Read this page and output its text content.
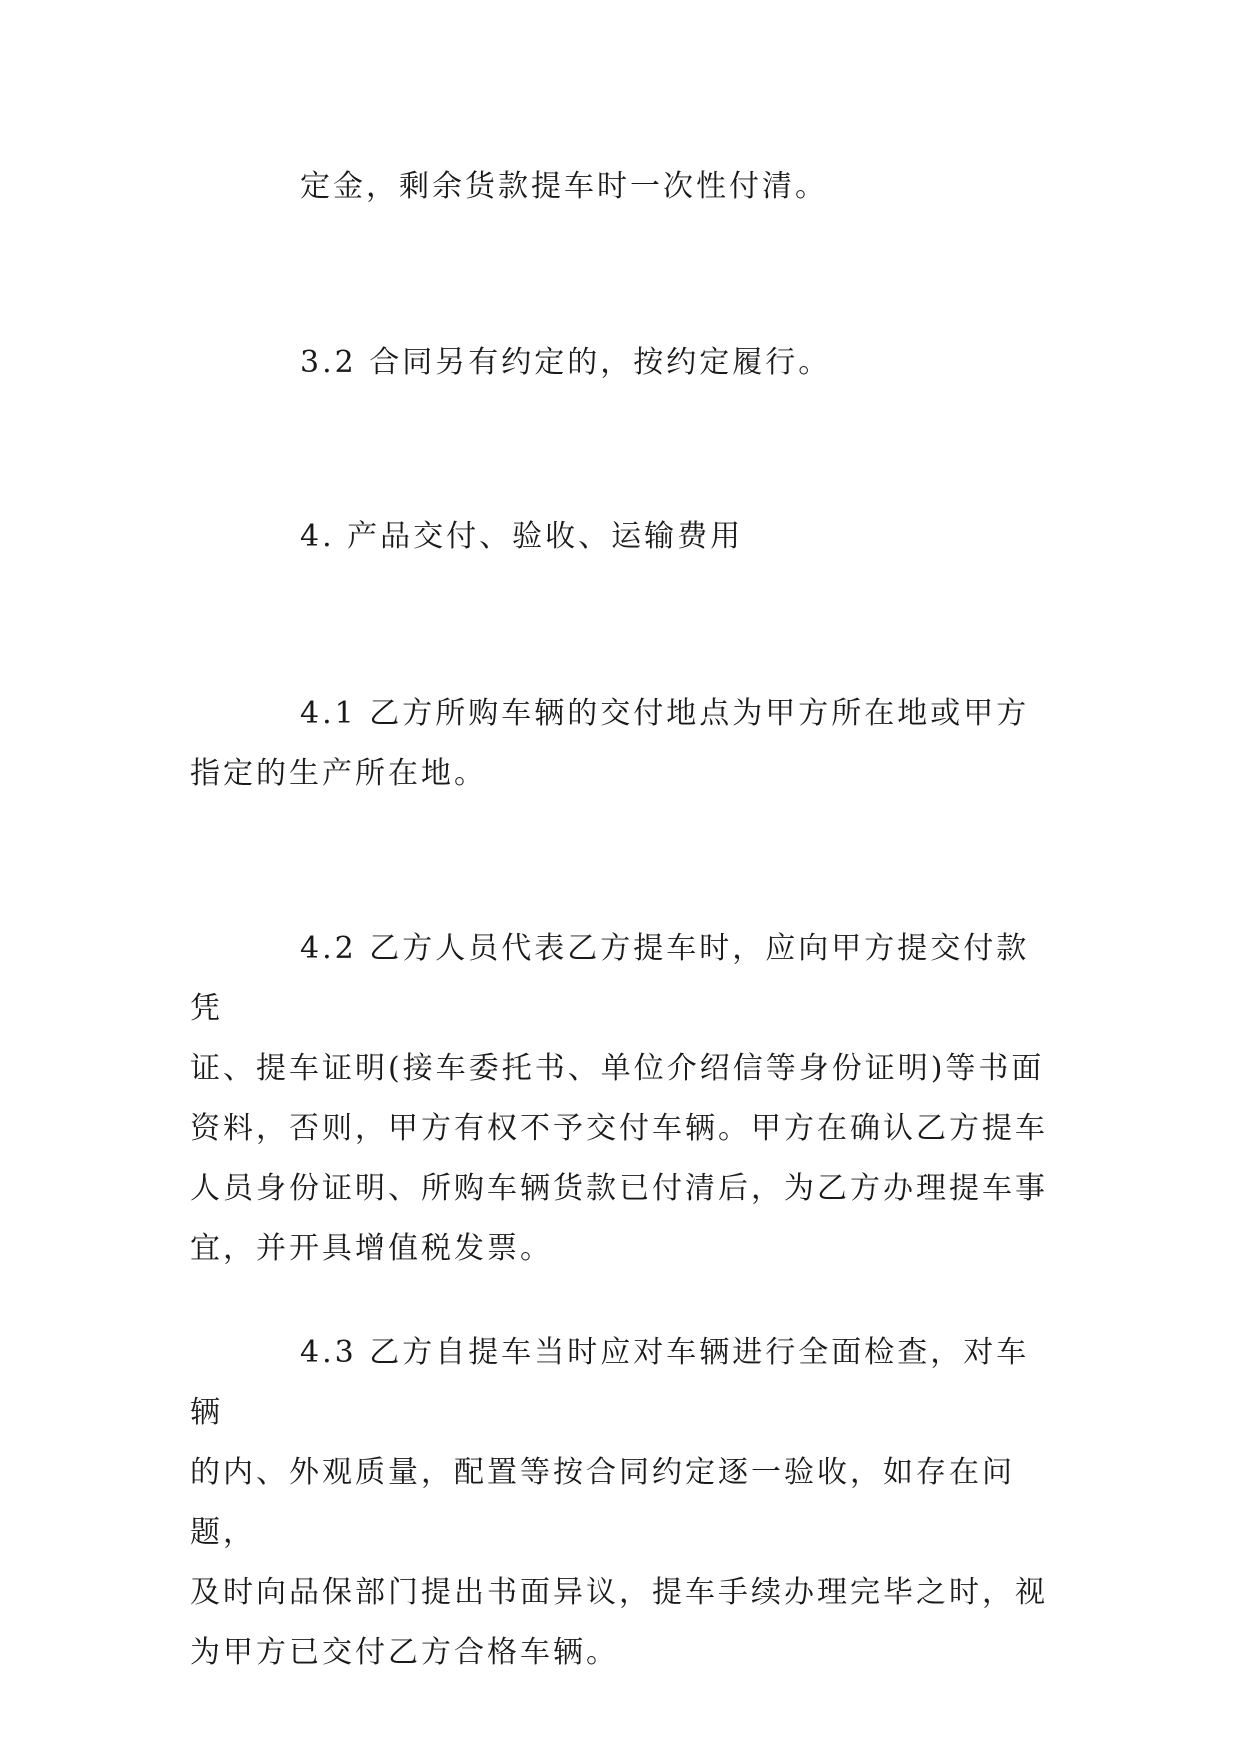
定金，剩余货款提车时一次性付清。

3.2 合同另有约定的，按约定履行。

4. 产品交付、验收、运输费用

4.1 乙方所购车辆的交付地点为甲方所在地或甲方
指定的生产所在地。

4.2 乙方人员代表乙方提车时，应向甲方提交付款凭
证、提车证明(接车委托书、单位介绍信等身份证明)等书面
资料，否则，甲方有权不予交付车辆。甲方在确认乙方提车
人员身份证明、所购车辆货款已付清后，为乙方办理提车事
宜，并开具增值税发票。

4.3 乙方自提车当时应对车辆进行全面检查，对车辆
的内、外观质量，配置等按合同约定逐一验收，如存在问题，
及时向品保部门提出书面异议，提车手续办理完毕之时，视
为甲方已交付乙方合格车辆。
